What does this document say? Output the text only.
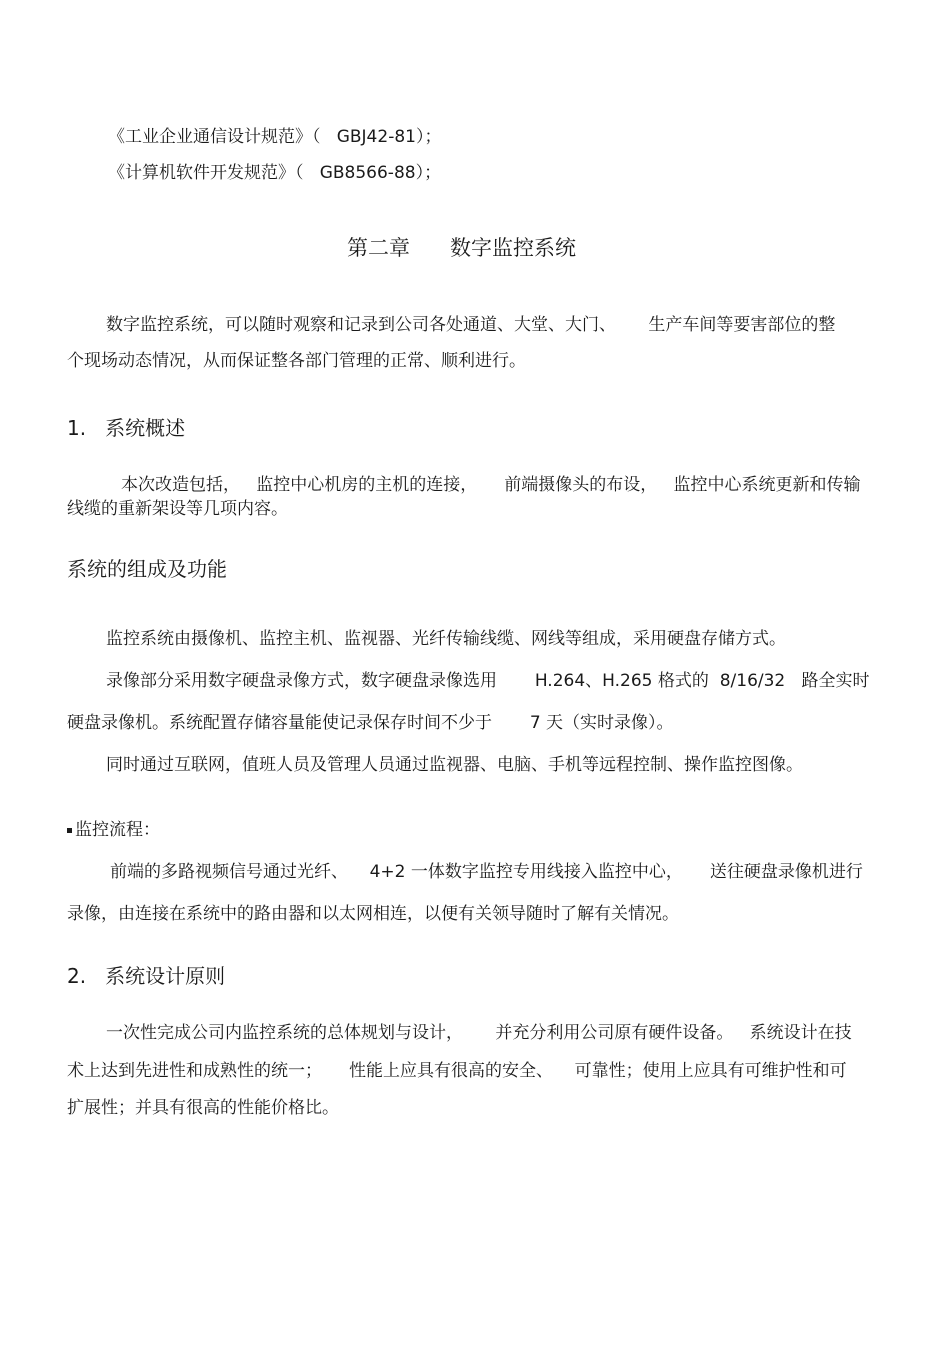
《工业企业通信设计规范》（   GBJ42-81）；
《计算机软件开发规范》（   GB8566-88）；
第二章      数字监控系统
数字监控系统，可以随时观察和记录到公司各处通道、大堂、大门、      生产车间等要害部位的整
个现场动态情况，从而保证整各部门管理的正常、顺利进行。
1.   系统概述
本次改造包括，   监控中心机房的主机的连接，     前端摄像头的布设，   监控中心系统更新和传输
线缆的重新架设等几项内容。
系统的组成及功能
监控系统由摄像机、监控主机、监视器、光纤传输线缆、网线等组成，采用硬盘存储方式。
录像部分采用数字硬盘录像方式，数字硬盘录像选用       H.264、H.265 格式的  8/16/32   路全实时
硬盘录像机。系统配置存储容量能使记录保存时间不少于       7 天（实时录像）。
同时通过互联网，值班人员及管理人员通过监视器、电脑、手机等远程控制、操作监控图像。
监控流程：
前端的多路视频信号通过光纤、    4+2 一体数字监控专用线接入监控中心，     送往硬盘录像机进行
录像，由连接在系统中的路由器和以太网相连，以便有关领导随时了解有关情况。
2.   系统设计原则
一次性完成公司内监控系统的总体规划与设计，      并充分利用公司原有硬件设备。   系统设计在技
术上达到先进性和成熟性的统一；     性能上应具有很高的安全、    可靠性；使用上应具有可维护性和可
扩展性；并具有很高的性能价格比。
